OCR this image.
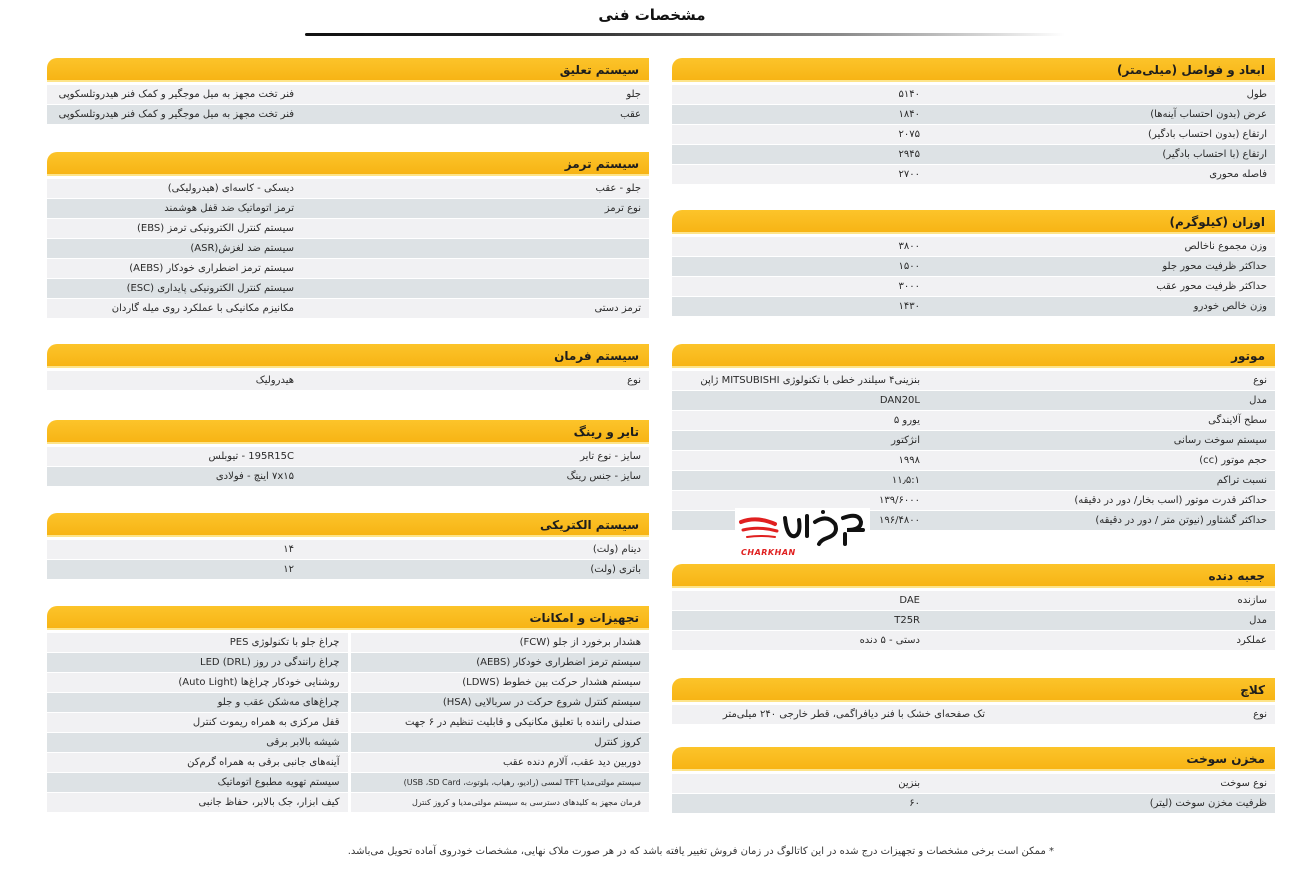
مشخصات فنی
ابعاد و فواصل (میلی‌متر)
طول
۵۱۴۰
عرض (بدون احتساب آینه‌ها)
۱۸۴۰
ارتفاع (بدون احتساب بادگیر)
۲۰۷۵
ارتفاع (با احتساب بادگیر)
۲۹۴۵
فاصله محوری
۲۷۰۰
اوزان (کیلوگرم)
وزن مجموع ناخالص
۳۸۰۰
حداکثر ظرفیت محور جلو
۱۵۰۰
حداکثر ظرفیت محور عقب
۳۰۰۰
وزن خالص خودرو
۱۴۳۰
موتور
نوع
بنزینی۴ سیلندر خطی با تکنولوژی MITSUBISHI ژاپن
مدل
DAN20L
سطح آلایندگی
یورو ۵
سیستم سوخت رسانی
انژکتور
حجم موتور (cc)
۱۹۹۸
نسبت تراکم
۱۱٫۵:۱
حداکثر قدرت موتور (اسب بخار/ دور در دقیقه)
۱۳۹/۶۰۰۰
حداکثر گشتاور (نیوتن متر / دور در دقیقه)
۱۹۶/۴۸۰۰
جعبه دنده
سازنده
DAE
مدل
T25R
عملکرد
دستی - ۵ دنده
کلاچ
نوع
تک صفحه‌ای خشک با فنر دیافراگمی، قطر خارجی ۲۴۰ میلی‌متر
مخزن سوخت
نوع سوخت
بنزین
ظرفیت مخزن سوخت (لیتر)
۶۰
سیستم تعلیق
جلو
فنر تخت مجهز به میل موجگیر و کمک فنر هیدروتلسکوپی
عقب
فنر تخت مجهز به میل موجگیر و کمک فنر هیدروتلسکوپی
سیستم ترمز
جلو - عقب
دیسکی - کاسه‌ای (هیدرولیکی)
نوع ترمز
ترمز اتوماتیک ضد قفل هوشمند
سیستم کنترل الکترونیکی ترمز (EBS)
سیستم ضد لغزش(ASR)
سیستم ترمز اضطراری خودکار (AEBS)
سیستم کنترل الکترونیکی پایداری (ESC)
ترمز دستی
مکانیزم مکانیکی با عملکرد روی میله گاردان
سیستم فرمان
نوع
هیدرولیک
تایر و رینگ
سایز - نوع تایر
195R15C - تیوبلس
سایز - جنس رینگ
۷x۱۵ اینچ - فولادی
سیستم الکتریکی
دینام (ولت)
۱۴
باتری (ولت)
۱۲
تجهیزات و امکانات
هشدار برخورد از جلو (FCW)
چراغ جلو با تکنولوژی PES
سیستم ترمز اضطراری خودکار (AEBS)
چراغ رانندگی در روز LED (DRL)
سیستم هشدار حرکت بین خطوط (LDWS)
روشنایی خودکار چراغ‌ها (Auto Light)
سیستم کنترل شروع حرکت در سربالایی (HSA)
چراغ‌های مه‌شکن عقب و جلو
صندلی راننده با تعلیق مکانیکی و قابلیت تنظیم در ۶ جهت
قفل مرکزی به همراه ریموت کنترل
کروز کنترل
شیشه بالابر برقی
دوربین دید عقب، آلارم دنده عقب
آینه‌های جانبی برقی به همراه گرم‌کن
سیستم مولتی‌مدیا TFT لمسی (رادیو، رهیاب، بلوتوث، USB ،SD Card)
سیستم تهویه مطبوع اتوماتیک
فرمان مجهز به کلیدهای دسترسی به سیستم مولتی‌مدیا و کروز کنترل
کیف ابزار، جک بالابر، حفاظ جانبی
CHARKHAN
* ممکن است برخی مشخصات و تجهیزات درج شده در این کاتالوگ در زمان فروش تغییر یافته باشد که در هر صورت ملاک نهایی، مشخصات خودروی آماده تحویل می‌باشد.
